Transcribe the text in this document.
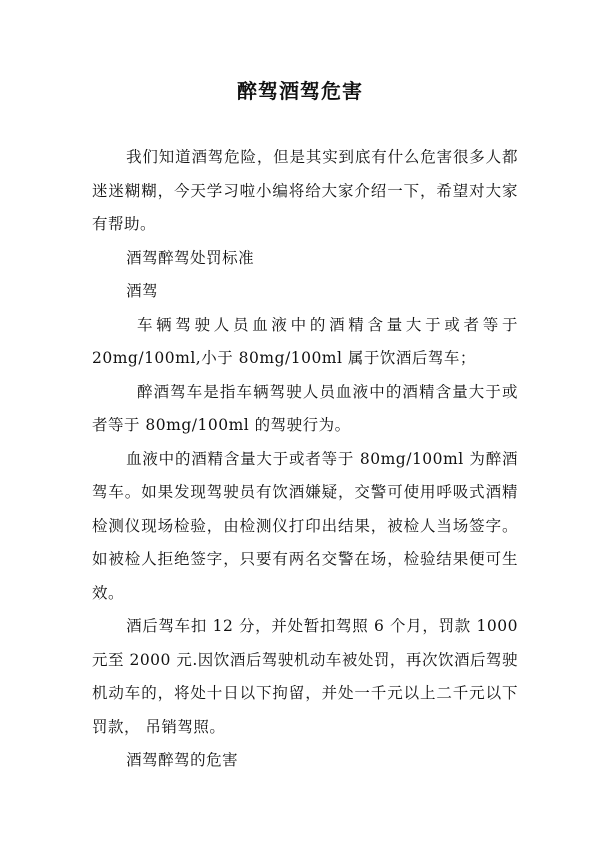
醉驾酒驾危害

我们知道酒驾危险，但是其实到底有什么危害很多人都迷迷糊糊，今天学习啦小编将给大家介绍一下，希望对大家有帮助。

酒驾醉驾处罚标准

酒驾

车辆驾驶人员血液中的酒精含量大于或者等于20mg/100ml,小于 80mg/100ml 属于饮酒后驾车；

醉酒驾车是指车辆驾驶人员血液中的酒精含量大于或者等于 80mg/100ml 的驾驶行为。

血液中的酒精含量大于或者等于 80mg/100ml 为醉酒驾车。如果发现驾驶员有饮酒嫌疑，交警可使用呼吸式酒精检测仪现场检验，由检测仪打印出结果，被检人当场签字。如被检人拒绝签字，只要有两名交警在场，检验结果便可生效。

酒后驾车扣 12 分，并处暂扣驾照 6 个月，罚款 1000元至 2000 元.因饮酒后驾驶机动车被处罚，再次饮酒后驾驶机动车的，将处十日以下拘留，并处一千元以上二千元以下罚款， 吊销驾照。

酒驾醉驾的危害
